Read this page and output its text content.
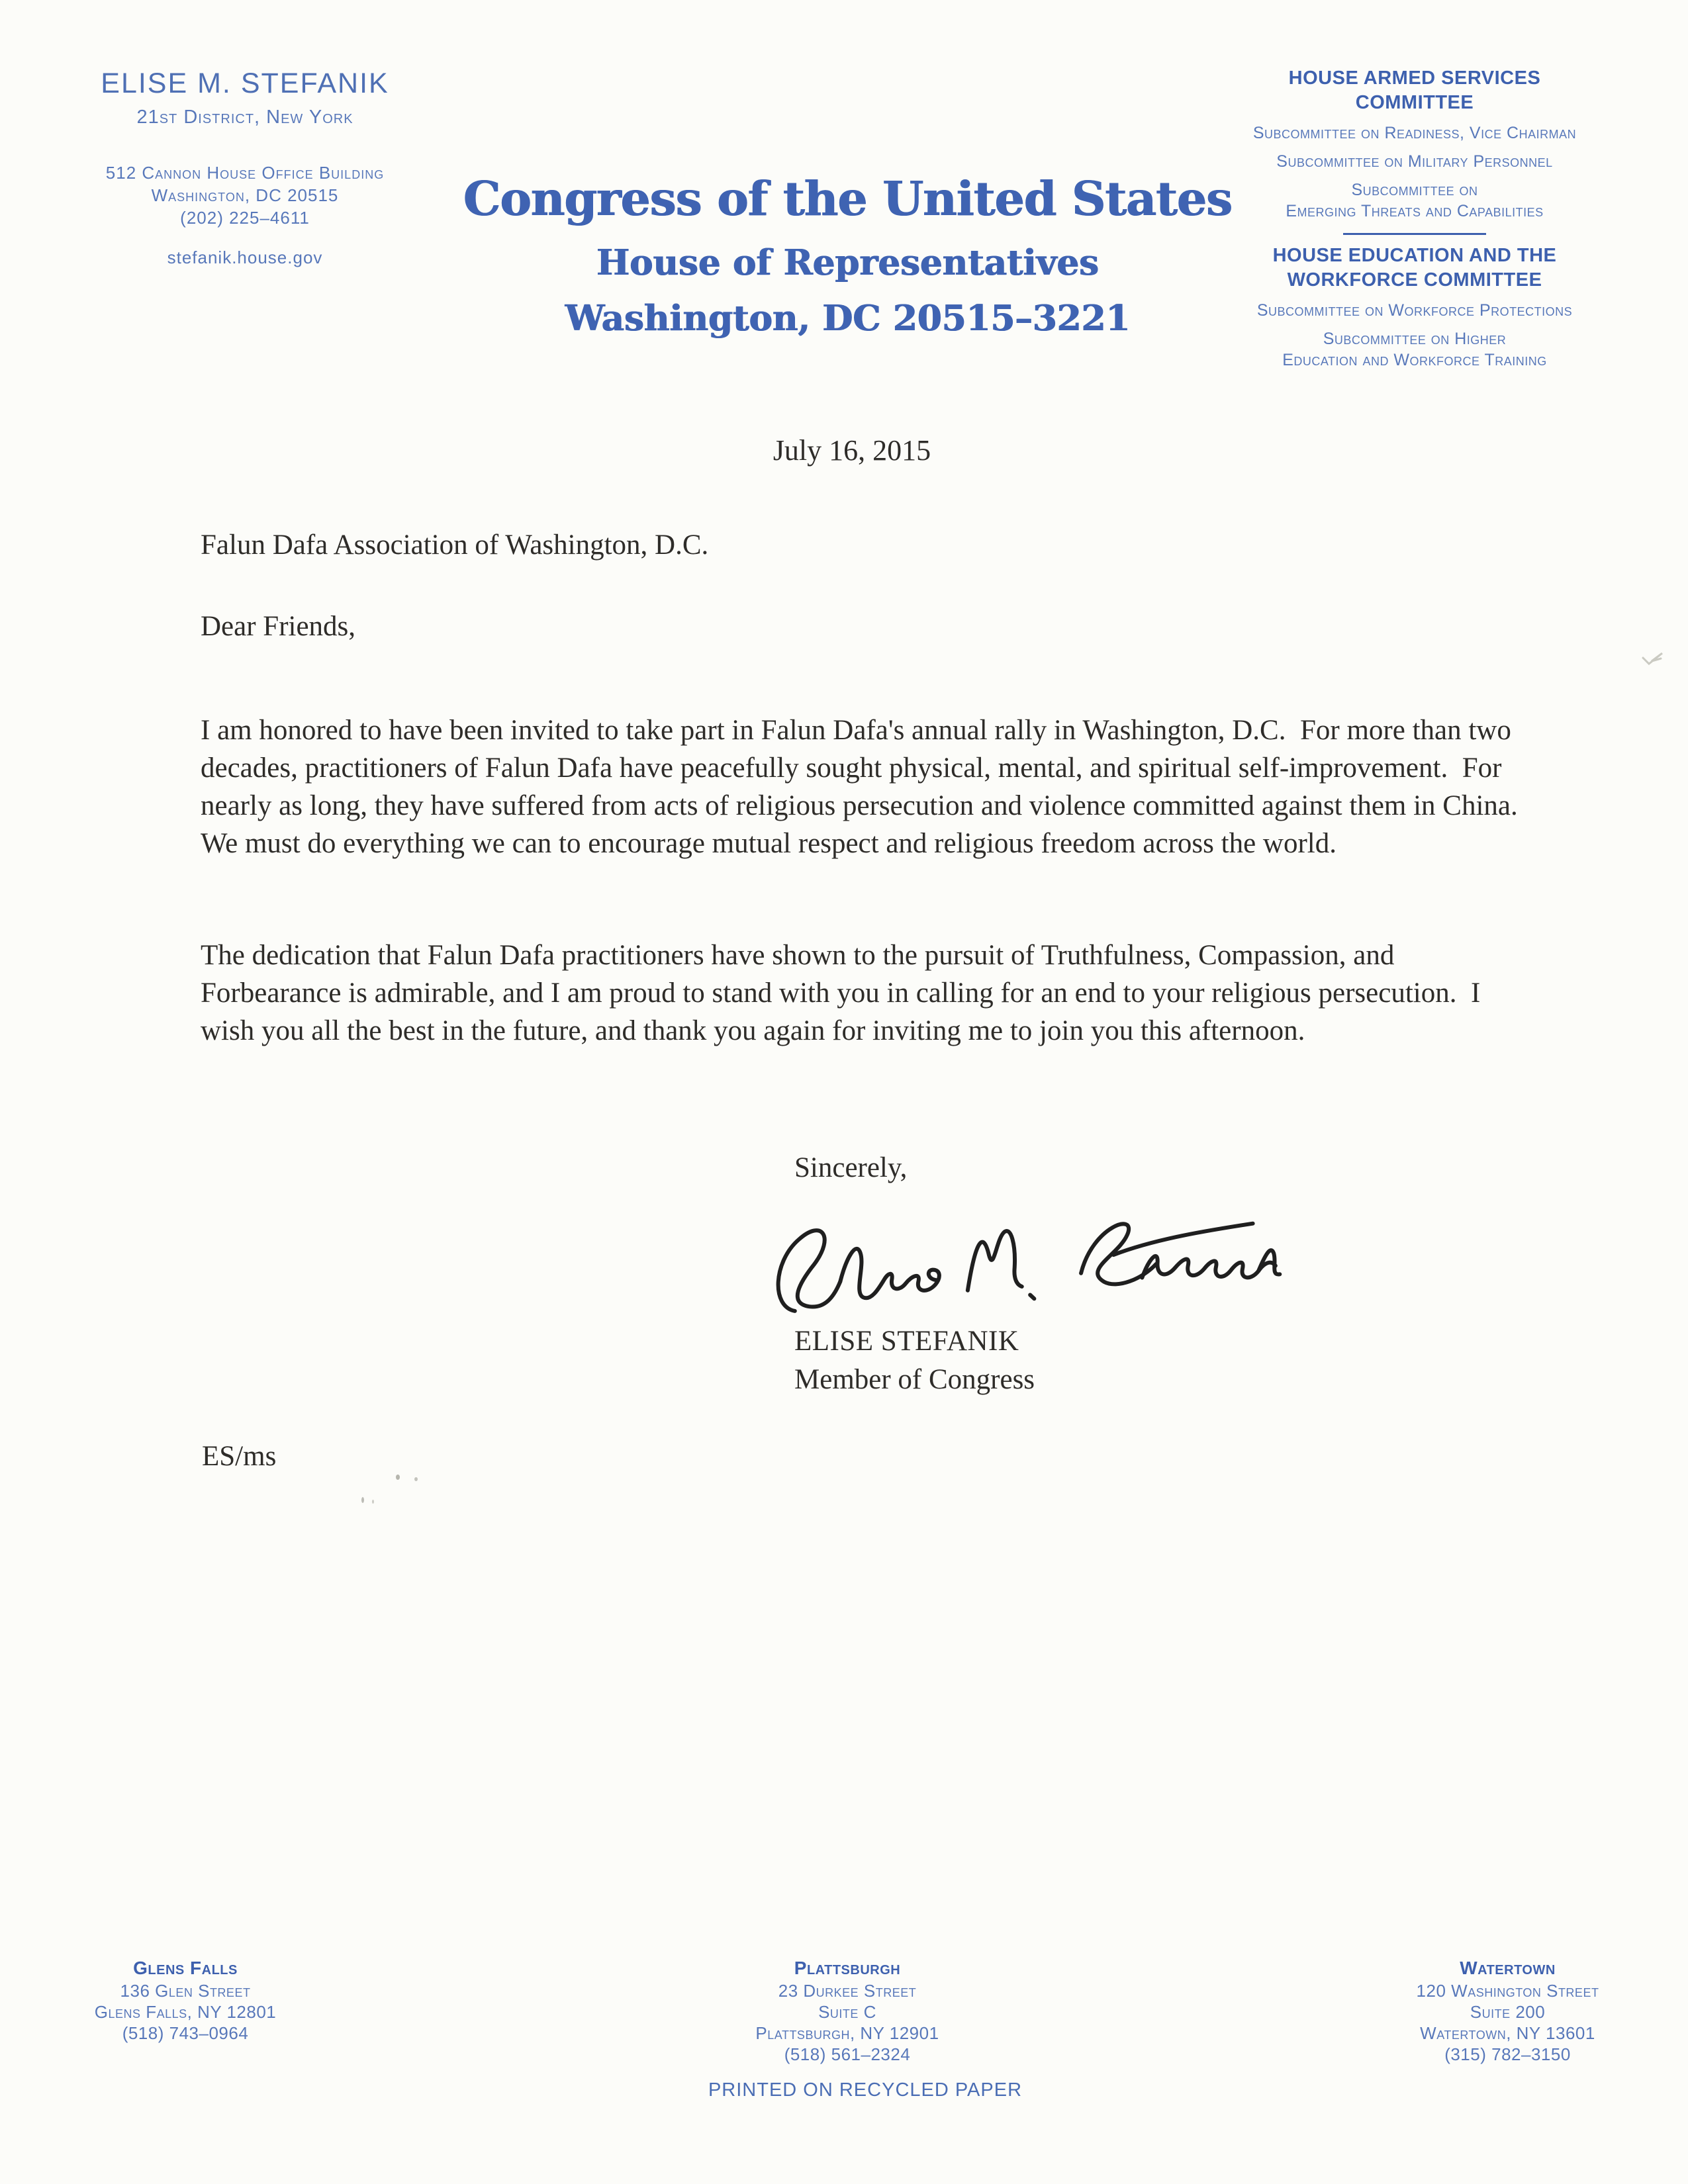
ELISE M. STEFANIK
21st District, New York
512 Cannon House Office Building
Washington, DC 20515
(202) 225–4611
stefanik.house.gov
Congress of the United States
House of Representatives
Washington, DC 20515–3221
HOUSE ARMED SERVICES
COMMITTEE
Subcommittee on Readiness, Vice Chairman
Subcommittee on Military Personnel
Subcommittee on
Emerging Threats and Capabilities
HOUSE EDUCATION AND THE
WORKFORCE COMMITTEE
Subcommittee on Workforce Protections
Subcommittee on Higher
Education and Workforce Training
July 16, 2015
Falun Dafa Association of Washington, D.C.
Dear Friends,

I am honored to have been invited to take part in Falun Dafa's annual rally in Washington, D.C.  For more than two decades, practitioners of Falun Dafa have peacefully sought physical, mental, and spiritual self-improvement.  For nearly as long, they have suffered from acts of religious persecution and violence committed against them in China.  We must do everything we can to encourage mutual respect and religious freedom across the world.

The dedication that Falun Dafa practitioners have shown to the pursuit of Truthfulness, Compassion, and Forbearance is admirable, and I am proud to stand with you in calling for an end to your religious persecution.  I wish you all the best in the future, and thank you again for inviting me to join you this afternoon.

Sincerely,
ELISE STEFANIK
Member of Congress
ES/ms
Glens Falls
136 Glen Street
Glens Falls, NY 12801
(518) 743–0964
Plattsburgh
23 Durkee Street
Suite C
Plattsburgh, NY 12901
(518) 561–2324
Watertown
120 Washington Street
Suite 200
Watertown, NY 13601
(315) 782–3150
PRINTED ON RECYCLED PAPER
